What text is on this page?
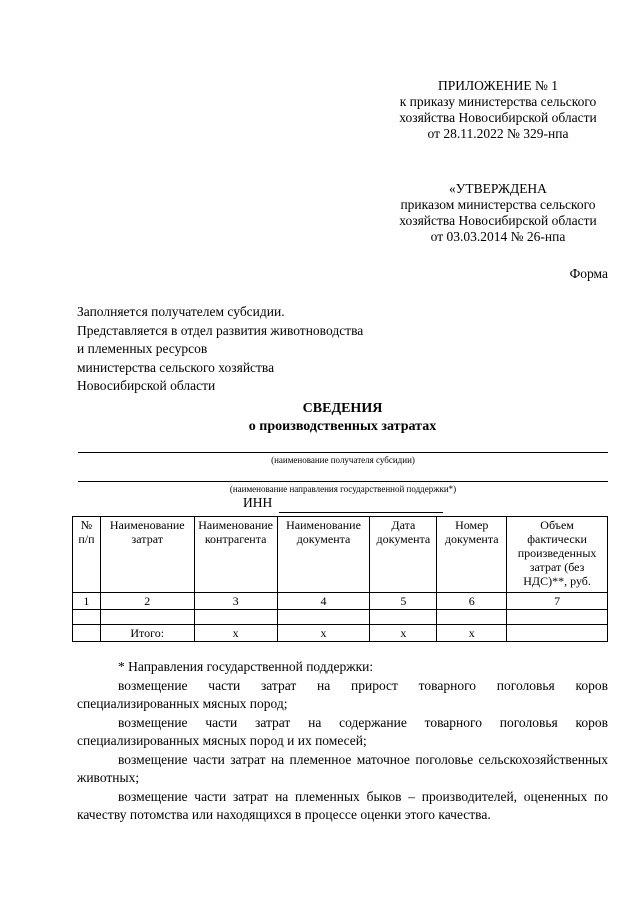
ПРИЛОЖЕНИЕ № 1
к приказу министерства сельского
хозяйства Новосибирской области
от 28.11.2022 № 329-нпа
«УТВЕРЖДЕНА
приказом министерства сельского
хозяйства Новосибирской области
от 03.03.2014 № 26-нпа
Форма
Заполняется получателем субсидии.
Представляется в отдел развития животноводства
и племенных ресурсов
министерства сельского хозяйства
Новосибирской области
СВЕДЕНИЯ
о производственных затратах
(наименование получателя субсидии)
(наименование направления государственной поддержки*)
ИНН
№ п/п	Наименование затрат	Наименование контрагента	Наименование документа	Дата документа	Номер документа	Объем фактически произведенных затрат (без НДС)**, руб.
1	2	3	4	5	6	7

	Итого:	х	х	х	х	

* Направления государственной поддержки:

возмещение части затрат на прирост товарного поголовья коров специализированных мясных пород;

возмещение части затрат на содержание товарного поголовья коров специализированных мясных пород и их помесей;

возмещение части затрат на племенное маточное поголовье сельскохозяйственных животных;

возмещение части затрат на племенных быков – производителей, оцененных по качеству потомства или находящихся в процессе оценки этого качества.
